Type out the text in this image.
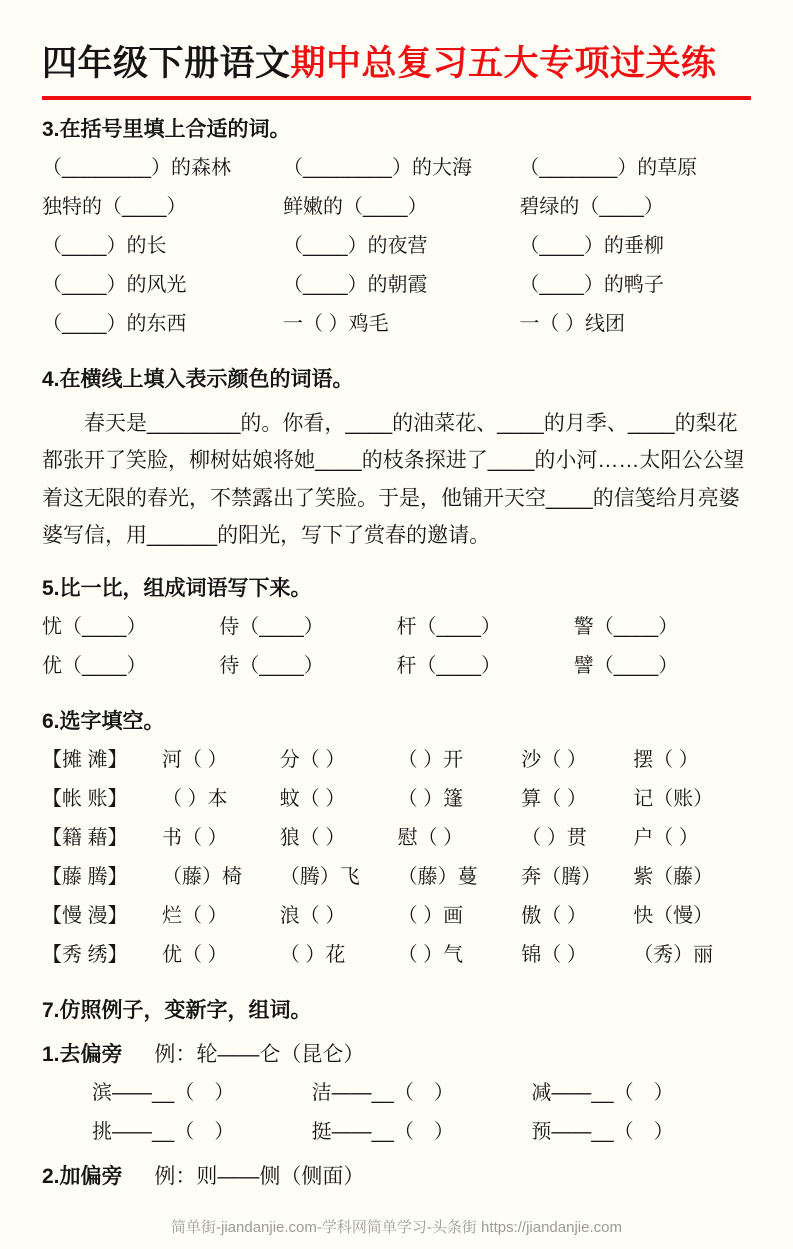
四年级下册语文期中总复习五大专项过关练
3.在括号里填上合适的词。
（________）的森林	（________）的大海	（_______）的草原
独特的（____）	鲜嫩的（____）	碧绿的（____）
（____）的长	（____）的夜营	（____）的垂柳
（____）的风光	（____）的朝霞	（____）的鸭子
（____）的东西	一（ ）鸡毛	一（ ）线团
4.在横线上填入表示颜色的词语。

春天是________的。你看，____的油菜花、____的月季、____的梨花都张开了笑脸，柳树姑娘将她____的枝条探进了____的小河……太阳公公望着这无限的春光，不禁露出了笑脸。于是，他铺开天空____的信笺给月亮婆婆写信，用______的阳光，写下了赏春的邀请。

5.比一比，组成词语写下来。
忧（____）	侍（____）	杆（____）	警（____）
优（____）	待（____）	秆（____）	譬（____）
6.选字填空。
【摊 滩】	河（ ）	分（ ）	（ ）开	沙（ ）	摆（ ）
【帐 账】	（ ）本	蚊（ ）	（ ）篷	算（ ）	记（账）
【籍 藉】	书（ ）	狼（ ）	慰（ ）	（ ）贯	户（ ）
【藤 腾】	（藤）椅	（腾）飞	（藤）蔓	奔（腾）	紫（藤）
【慢 漫】	烂（ ）	浪（ ）	（ ）画	傲（ ）	快（慢）
【秀 绣】	优（ ）	（ ）花	（ ）气	锦（ ）	（秀）丽
7.仿照例子，变新字，组词。
1.去偏旁 例：轮——仑（昆仑）
滨——__（　）	洁——__（　）	减——__（　）
挑——__（　）	挺——__（　）	预——__（　）
2.加偏旁 例：则——侧（侧面）
简单街-jiandanjie.com-学科网简单学习-头条街 https://jiandanjie.com
